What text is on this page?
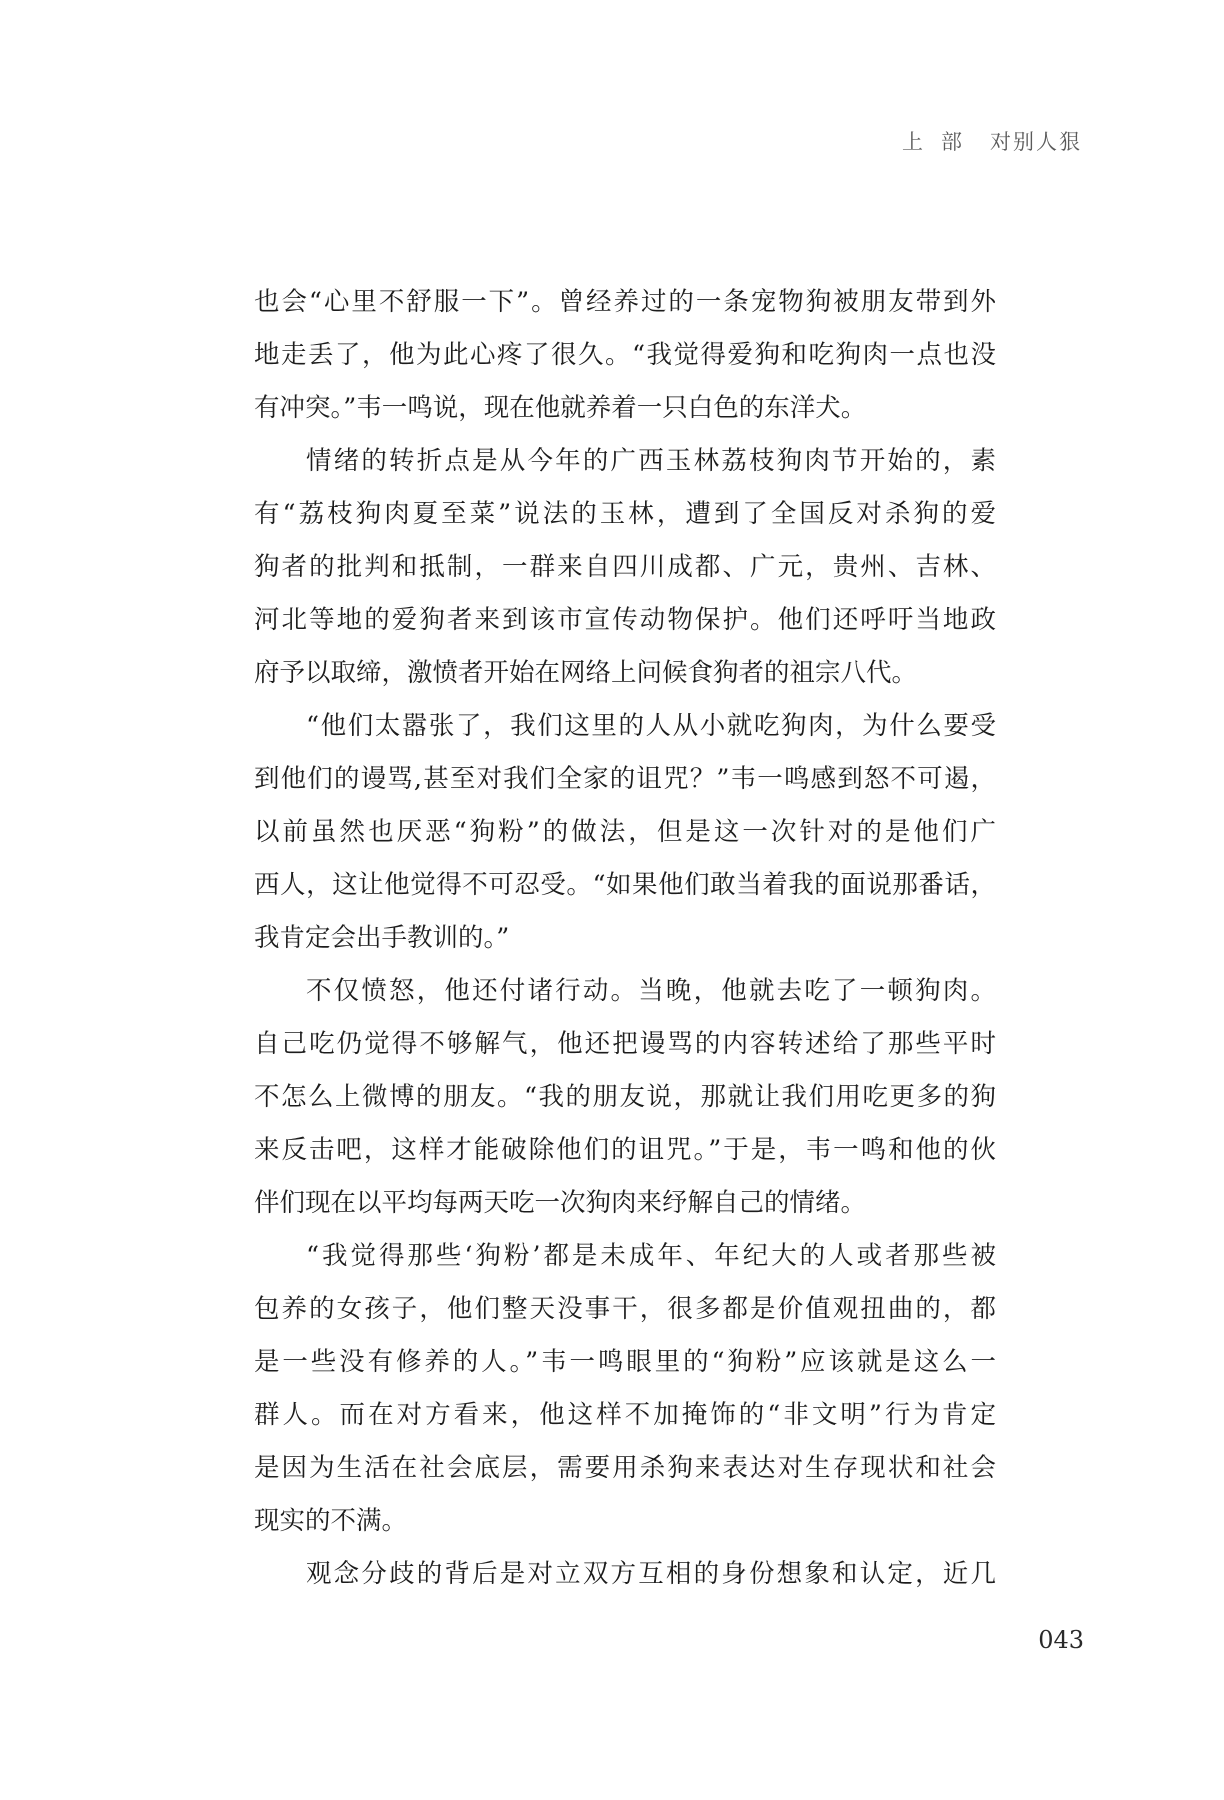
上部 对别人狠
也会“心里不舒服一下”。曾经养过的一条宠物狗被朋友带到外
地走丢了，他为此心疼了很久。“我觉得爱狗和吃狗肉一点也没
有冲突。”韦一鸣说，现在他就养着一只白色的东洋犬。
情绪的转折点是从今年的广西玉林荔枝狗肉节开始的，素
有“荔枝狗肉夏至菜”说法的玉林，遭到了全国反对杀狗的爱
狗者的批判和抵制，一群来自四川成都、广元，贵州、吉林、
河北等地的爱狗者来到该市宣传动物保护。他们还呼吁当地政
府予以取缔，激愤者开始在网络上问候食狗者的祖宗八代。
“他们太嚣张了，我们这里的人从小就吃狗肉，为什么要受
到他们的谩骂,甚至对我们全家的诅咒？”韦一鸣感到怒不可遏，
以前虽然也厌恶“狗粉”的做法，但是这一次针对的是他们广
西人，这让他觉得不可忍受。“如果他们敢当着我的面说那番话，
我肯定会出手教训的。”
不仅愤怒，他还付诸行动。当晚，他就去吃了一顿狗肉。
自己吃仍觉得不够解气，他还把谩骂的内容转述给了那些平时
不怎么上微博的朋友。“我的朋友说，那就让我们用吃更多的狗
来反击吧，这样才能破除他们的诅咒。”于是，韦一鸣和他的伙
伴们现在以平均每两天吃一次狗肉来纾解自己的情绪。
“我觉得那些‘狗粉’都是未成年、年纪大的人或者那些被
包养的女孩子，他们整天没事干，很多都是价值观扭曲的，都
是一些没有修养的人。”韦一鸣眼里的“狗粉”应该就是这么一
群人。而在对方看来，他这样不加掩饰的“非文明”行为肯定
是因为生活在社会底层，需要用杀狗来表达对生存现状和社会
现实的不满。
观念分歧的背后是对立双方互相的身份想象和认定，近几
043
